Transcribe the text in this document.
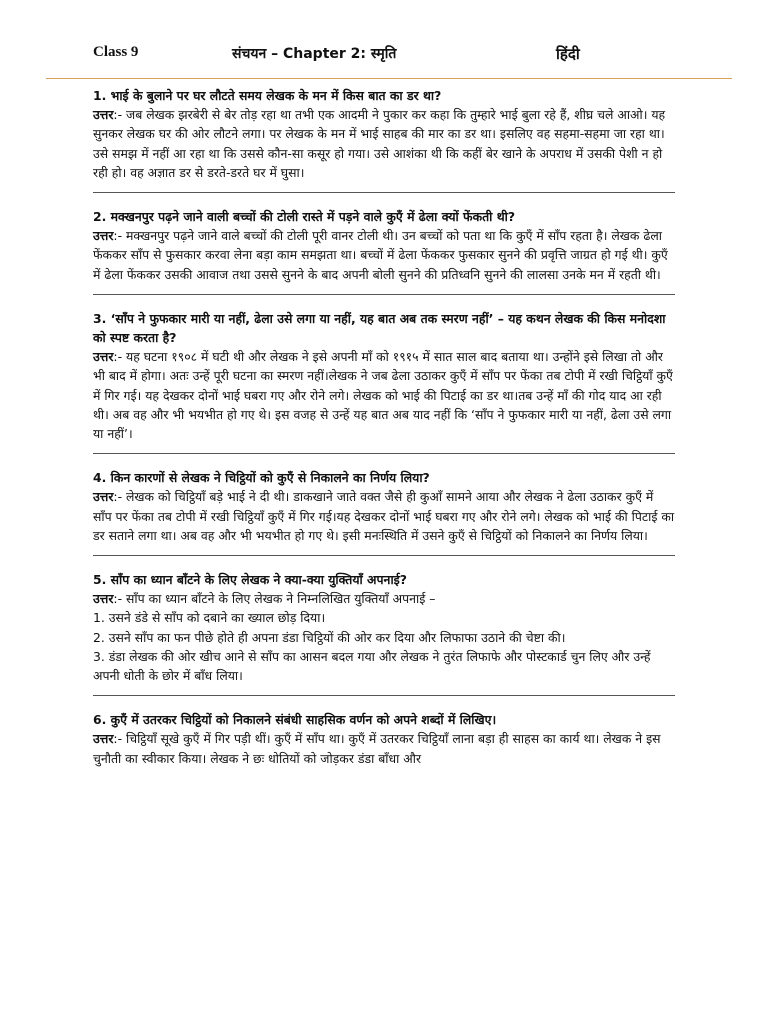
Class 9	संचयन – Chapter 2: स्मृति	हिंदी
1. भाई के बुलाने पर घर लौटते समय लेखक के मन में किस बात का डर था?
उत्तर:- जब लेखक झरबेरी से बेर तोड़ रहा था तभी एक आदमी ने पुकार कर कहा कि तुम्हारे भाई बुला रहे हैं, शीघ्र चले आओ। यह सुनकर लेखक घर की ओर लौटने लगा। पर लेखक के मन में भाई साहब की मार का डर था। इसलिए वह सहमा-सहमा जा रहा था। उसे समझ में नहीं आ रहा था कि उससे कौन-सा कसूर हो गया। उसे आशंका थी कि कहीं बेर खाने के अपराध में उसकी पेशी न हो रही हो। वह अज्ञात डर से डरते-डरते घर में घुसा।
2. मक्खनपुर पढ़ने जाने वाली बच्चों की टोली रास्ते में पड़ने वाले कुएँ में ढेला क्यों फेंकती थी?
उत्तर:- मक्खनपुर पढ़ने जाने वाले बच्चों की टोली पूरी वानर टोली थी। उन बच्चों को पता था कि कुएँ में साँप रहता है। लेखक ढेला फेंककर साँप से फुसकार करवा लेना बड़ा काम समझता था। बच्चों में ढेला फेंककर फुसकार सुनने की प्रवृत्ति जाग्रत हो गई थी। कुएँ में ढेला फेंककर उसकी आवाज तथा उससे सुनने के बाद अपनी बोली सुनने की प्रतिध्वनि सुनने की लालसा उनके मन में रहती थी।
3. ‘साँप ने फुफकार मारी या नहीं, ढेला उसे लगा या नहीं, यह बात अब तक स्मरण नहीं’ – यह कथन लेखक की किस मनोदशा को स्पष्ट करता है?
उत्तर:- यह घटना १९०८ में घटी थी और लेखक ने इसे अपनी माँ को १९१५ में सात साल बाद बताया था। उन्होंने इसे लिखा तो और भी बाद में होगा। अतः उन्हें पूरी घटना का स्मरण नहीं।लेखक ने जब ढेला उठाकर कुएँ में साँप पर फेंका तब टोपी में रखी चिट्ठियाँ कुएँ में गिर गई। यह देखकर दोनों भाई घबरा गए और रोने लगे। लेखक को भाई की पिटाई का डर था।तब उन्हें माँ की गोद याद आ रही थी। अब वह और भी भयभीत हो गए थे। इस वजह से उन्हें यह बात अब याद नहीं कि ‘साँप ने फुफकार मारी या नहीं, ढेला उसे लगा या नहीं’।
4. किन कारणों से लेखक ने चिट्ठियों को कुएँ से निकालने का निर्णय लिया?
उत्तर:- लेखक को चिट्ठियाँ बड़े भाई ने दी थी। डाकखाने जाते वक्त जैसे ही कुआँ सामने आया और लेखक ने ढेला उठाकर कुएँ में साँप पर फेंका तब टोपी में रखी चिट्ठियाँ कुएँ में गिर गई।यह देखकर दोनों भाई घबरा गए और रोने लगे। लेखक को भाई की पिटाई का डर सताने लगा था। अब वह और भी भयभीत हो गए थे। इसी मनःस्थिति में उसने कुएँ से चिट्ठियों को निकालने का निर्णय लिया।
5. साँप का ध्यान बाँटने के लिए लेखक ने क्या-क्या युक्तियाँ अपनाई?
उत्तर:- साँप का ध्यान बाँटने के लिए लेखक ने निम्नलिखित युक्तियाँ अपनाई –
1. उसने डंडे से साँप को दबाने का ख्याल छोड़ दिया।
2. उसने साँप का फन पीछे होते ही अपना डंडा चिट्ठियों की ओर कर दिया और लिफाफा उठाने की चेष्टा की।
3. डंडा लेखक की ओर खीच आने से साँप का आसन बदल गया और लेखक ने तुरंत लिफाफे और पोस्टकार्ड चुन लिए और उन्हें अपनी धोती के छोर में बाँध लिया।
6. कुएँ में उतरकर चिट्ठियों को निकालने संबंधी साहसिक वर्णन को अपने शब्दों में लिखिए।
उत्तर:- चिट्ठियाँ सूखे कुएँ में गिर पड़ी थीं। कुएँ में साँप था। कुएँ में उतरकर चिट्ठियाँ लाना बड़ा ही साहस का कार्य था। लेखक ने इस चुनौती का स्वीकार किया। लेखक ने छः धोतियों को जोड़कर डंडा बाँधा और
